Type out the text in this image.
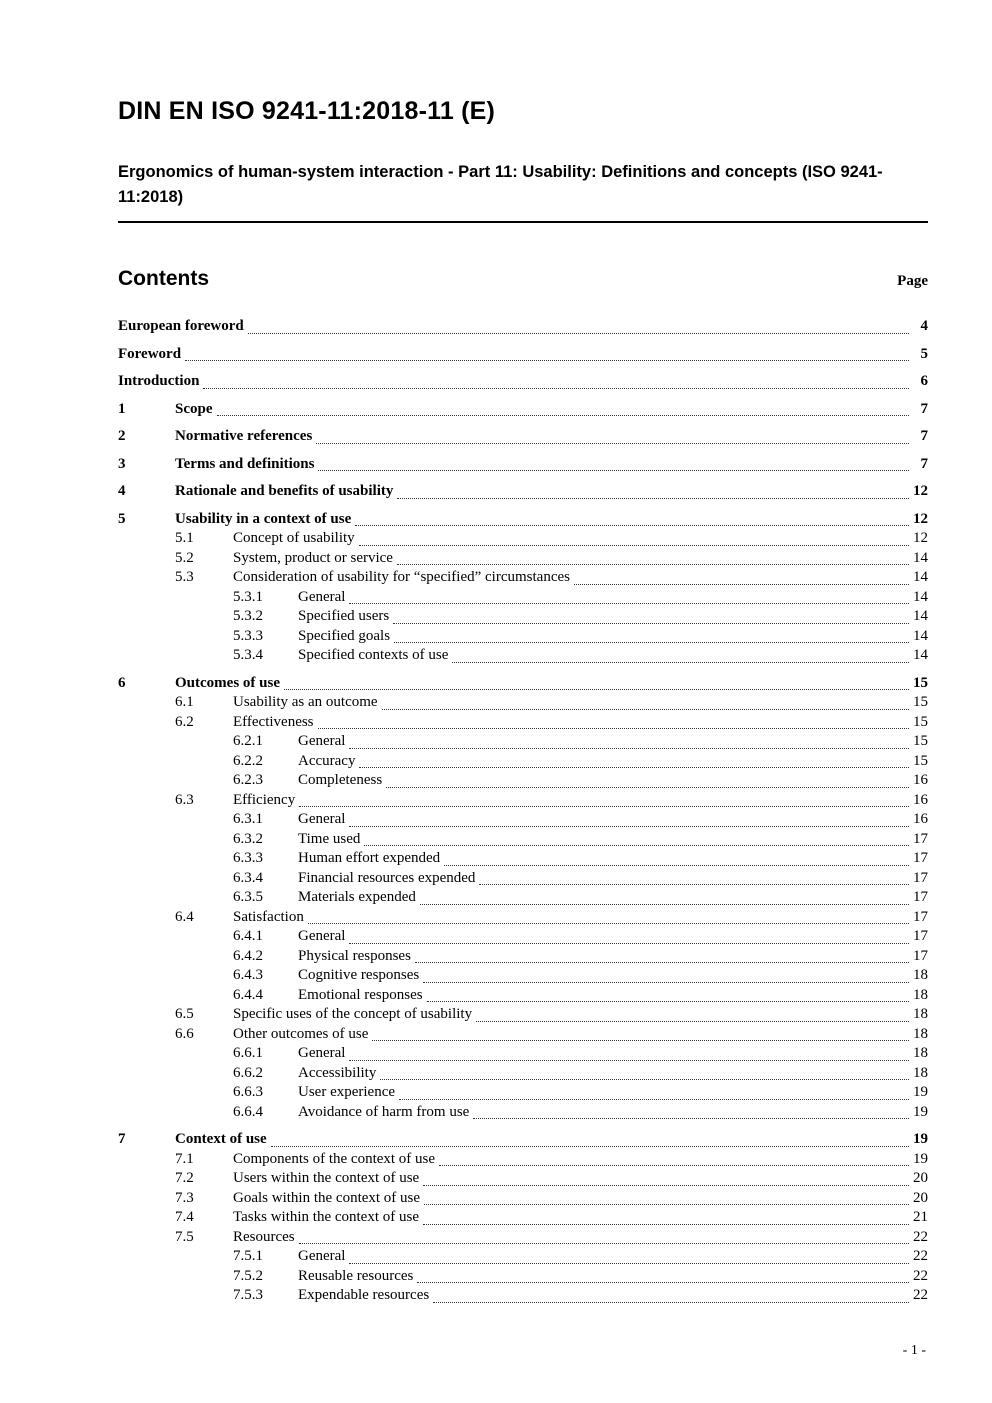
DIN EN ISO 9241-11:2018-11 (E)
Ergonomics of human-system interaction - Part 11: Usability: Definitions and concepts (ISO 9241-11:2018)
Contents	Page
European foreword	4
Foreword	5
Introduction	6
1	Scope	7
2	Normative references	7
3	Terms and definitions	7
4	Rationale and benefits of usability	12
5	Usability in a context of use	12
5.1	Concept of usability	12
5.2	System, product or service	14
5.3	Consideration of usability for “specified” circumstances	14
5.3.1	General	14
5.3.2	Specified users	14
5.3.3	Specified goals	14
5.3.4	Specified contexts of use	14
6	Outcomes of use	15
6.1	Usability as an outcome	15
6.2	Effectiveness	15
6.2.1	General	15
6.2.2	Accuracy	15
6.2.3	Completeness	16
6.3	Efficiency	16
6.3.1	General	16
6.3.2	Time used	17
6.3.3	Human effort expended	17
6.3.4	Financial resources expended	17
6.3.5	Materials expended	17
6.4	Satisfaction	17
6.4.1	General	17
6.4.2	Physical responses	17
6.4.3	Cognitive responses	18
6.4.4	Emotional responses	18
6.5	Specific uses of the concept of usability	18
6.6	Other outcomes of use	18
6.6.1	General	18
6.6.2	Accessibility	18
6.6.3	User experience	19
6.6.4	Avoidance of harm from use	19
7	Context of use	19
7.1	Components of the context of use	19
7.2	Users within the context of use	20
7.3	Goals within the context of use	20
7.4	Tasks within the context of use	21
7.5	Resources	22
7.5.1	General	22
7.5.2	Reusable resources	22
7.5.3	Expendable resources	22
- 1 -
